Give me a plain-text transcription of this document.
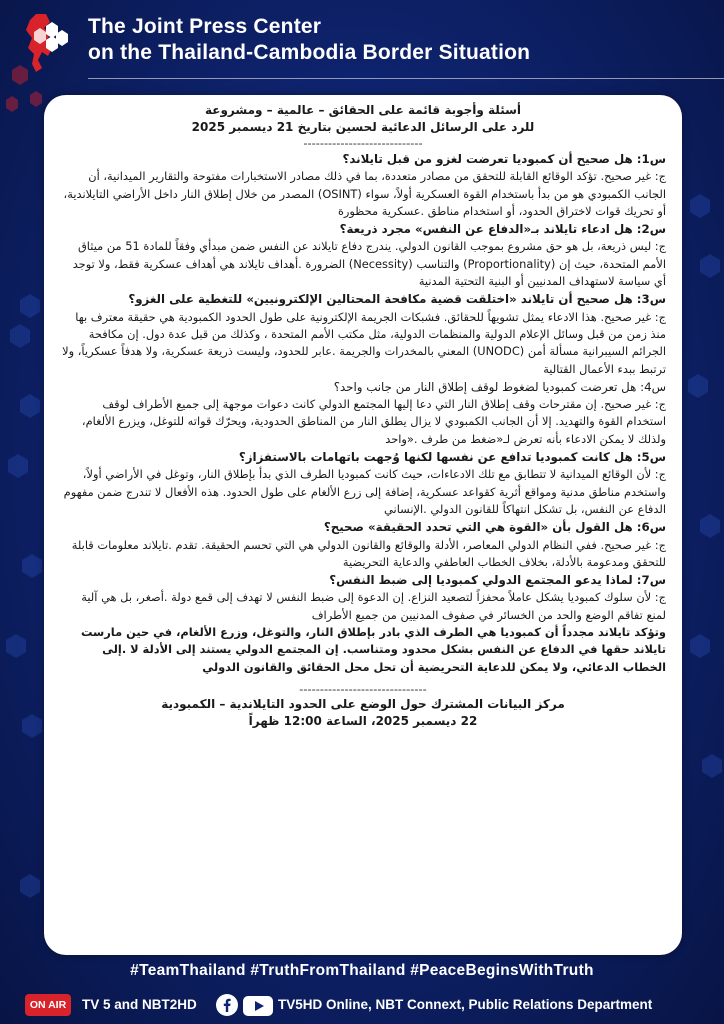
The Joint Press Center
on the Thailand-Cambodia Border Situation
أسئلة وأجوبة قائمة على الحقائق – عالمية – ومشروعة
للرد على الرسائل الدعائية لحسين بتاريخ 21 ديسمبر 2025
-----------------------------
س1: هل صحيح أن كمبوديا تعرضت لغزو من قبل تايلاند؟
ج: غير صحيح. تؤكد الوقائع القابلة للتحقق من مصادر متعددة، بما في ذلك مصادر الاستخبارات مفتوحة والتقارير الميدانية، أن الجانب الكمبودي هو من بدأ باستخدام القوة العسكرية أولاً، سواء (OSINT) المصدر من خلال إطلاق النار داخل الأراضي التايلاندية، أو تحريك قوات لاختراق الحدود، أو استخدام مناطق .عسكرية محظورة
س2: هل ادعاء تايلاند بـ«الدفاع عن النفس» مجرد ذريعة؟
ج: ليس ذريعة، بل هو حق مشروع بموجب القانون الدولي. يندرج دفاع تايلاند عن النفس ضمن مبدأي وفقاً للمادة 51 من ميثاق الأمم المتحدة، حيث إن (Proportionality) والتناسب (Necessity) الضرورة .أهداف تايلاند هي أهداف عسكرية فقط، ولا توجد أي سياسة لاستهداف المدنيين أو البنية التحتية المدنية
س3: هل صحيح أن تايلاند «اختلقت قضية مكافحة المحتالين الإلكترونيين» للتغطية على الغزو؟
ج: غير صحيح. هذا الادعاء يمثل تشويهاً للحقائق. فشبكات الجريمة الإلكترونية على طول الحدود الكمبودية هي حقيقة معترف بها منذ زمن من قبل وسائل الإعلام الدولية والمنظمات الدولية، مثل مكتب الأمم المتحدة ، وكذلك من قبل عدة دول. إن مكافحة الجرائم السيبرانية مسألة أمن (UNODC) المعني بالمخدرات والجريمة .عابر للحدود، وليست ذريعة عسكرية، ولا هدفاً عسكرياً، ولا ترتبط ببدء الأعمال القتالية
س4: هل تعرضت كمبوديا لضغوط لوقف إطلاق النار من جانب واحد؟
ج: غير صحيح. إن مقترحات وقف إطلاق النار التي دعا إليها المجتمع الدولي كانت دعوات موجهة إلى جميع الأطراف لوقف استخدام القوة والتهديد. إلا أن الجانب الكمبودي لا يزال يطلق النار من المناطق الحدودية، ويحرّك قواته للتوغل، ويزرع الألغام، ولذلك لا يمكن الادعاء بأنه تعرض لـ«ضغط من طرف .«واحد
س5: هل كانت كمبوديا تدافع عن نفسها لكنها وُجهت باتهامات بالاستفزاز؟
ج: لأن الوقائع الميدانية لا تتطابق مع تلك الادعاءات، حيث كانت كمبوديا الطرف الذي بدأ بإطلاق النار، وتوغل في الأراضي أولاً، واستخدم مناطق مدنية ومواقع أثرية كقواعد عسكرية، إضافة إلى زرع الألغام على طول الحدود. هذه الأفعال لا تندرج ضمن مفهوم الدفاع عن النفس، بل تشكل انتهاكاً للقانون الدولي .الإنساني
س6: هل القول بأن «القوة هي التي تحدد الحقيقة» صحيح؟
ج: غير صحيح. ففي النظام الدولي المعاصر، الأدلة والوقائع والقانون الدولي هي التي تحسم الحقيقة. تقدم .تايلاند معلومات قابلة للتحقق ومدعومة بالأدلة، بخلاف الخطاب العاطفي والدعاية التحريضية
س7: لماذا يدعو المجتمع الدولي كمبوديا إلى ضبط النفس؟
ج: لأن سلوك كمبوديا يشكل عاملاً محفزاً لتصعيد النزاع. إن الدعوة إلى ضبط النفس لا تهدف إلى قمع دولة .أصغر، بل هي آلية لمنع تفاقم الوضع والحد من الخسائر في صفوف المدنيين من جميع الأطراف
وتؤكد تايلاند مجدداً أن كمبوديا هي الطرف الذي بادر بإطلاق النار، والتوغل، وزرع الألغام، في حين مارست تايلاند حقها في الدفاع عن النفس بشكل محدود ومتناسب. إن المجتمع الدولي يستند إلى الأدلة لا .إلى الخطاب الدعائي، ولا يمكن للدعاية التحريضية أن تحل محل الحقائق والقانون الدولي
-------------------------------
مركز البيانات المشترك حول الوضع على الحدود التايلاندية – الكمبودية
22 ديسمبر 2025، الساعة 12:00 ظهراً
#TeamThailand #TruthFromThailand #PeaceBeginsWithTruth
ON AIR	TV 5 and NBT2HD	TV5HD Online, NBT Connext, Public Relations Department
